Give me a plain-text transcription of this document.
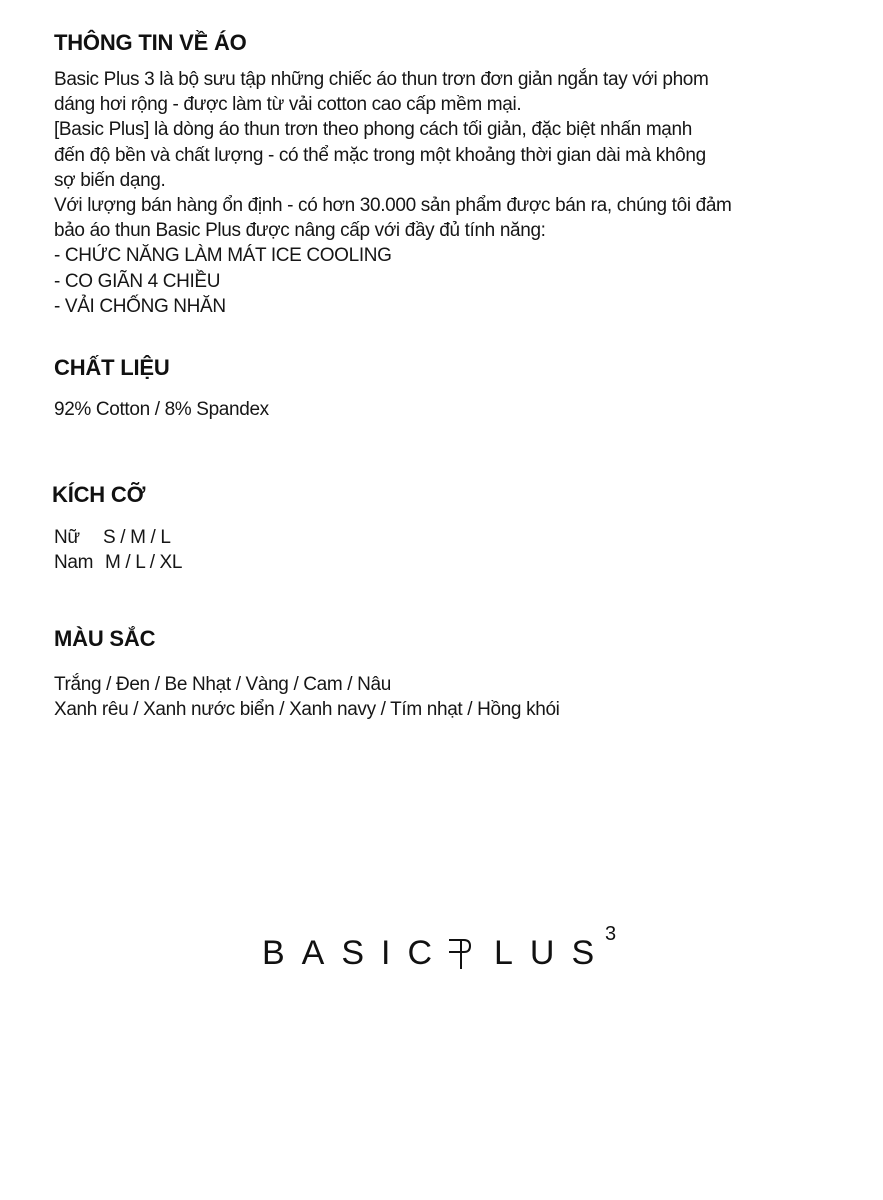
THÔNG TIN VỀ ÁO
Basic Plus 3 là bộ sưu tập những chiếc áo thun trơn đơn giản ngắn tay với phom
dáng hơi rộng - được làm từ vải cotton cao cấp mềm mại.
[Basic Plus] là dòng áo thun trơn theo phong cách tối giản, đặc biệt nhấn mạnh
đến độ bền và chất lượng - có thể mặc trong một khoảng thời gian dài mà không
sợ biến dạng.
Với lượng bán hàng ổn định - có hơn 30.000 sản phẩm được bán ra, chúng tôi đảm
bảo áo thun Basic Plus được nâng cấp với đầy đủ tính năng:
- CHỨC NĂNG LÀM MÁT ICE COOLING
- CO GIÃN 4 CHIỀU
- VẢI CHỐNG NHĂN
CHẤT LIỆU
92% Cotton / 8% Spandex
KÍCH CỠ
Nữ S / M / L
Nam M / L / XL
MÀU SẮC
Trắng / Đen / Be Nhạt / Vàng / Cam / Nâu
Xanh rêu / Xanh nước biển / Xanh navy / Tím nhạt / Hồng khói
BASIC LUS
3
